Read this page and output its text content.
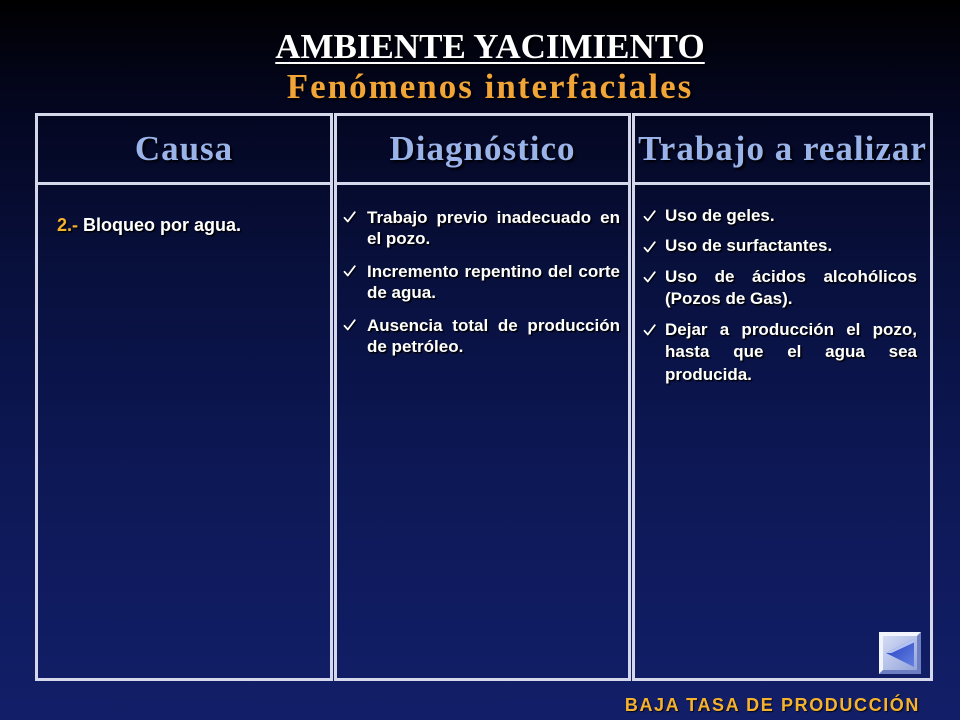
AMBIENTE YACIMIENTO
Fenómenos interfaciales
Causa

2.- Bloqueo por agua.

Diagnóstico
Trabajo previo inadecuado en el pozo.
Incremento repentino del corte de agua.
Ausencia total de producción de petróleo.
Trabajo a realizar
Uso de geles.
Uso de surfactantes.
Uso de ácidos alcohólicos (Pozos de Gas).
Dejar a producción el pozo, hasta que el agua sea producida.
BAJA TASA DE PRODUCCIÓN
